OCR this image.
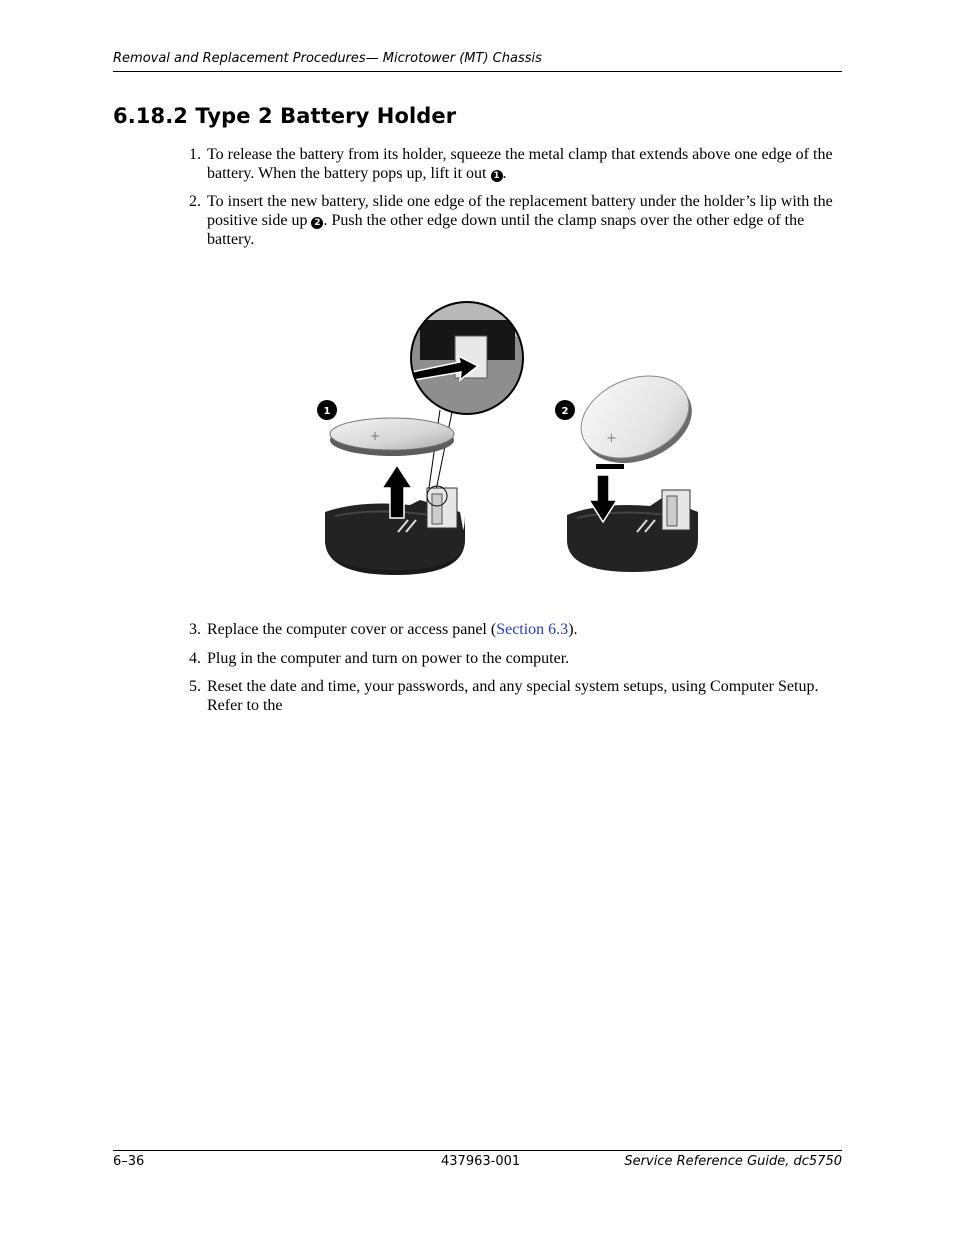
Removal and Replacement Procedures— Microtower (MT) Chassis
6.18.2 Type 2 Battery Holder
1. To release the battery from its holder, squeeze the metal clamp that extends above one edge of the battery. When the battery pops up, lift it out 1 .
2. To insert the new battery, slide one edge of the replacement battery under the holder’s lip with the positive side up 2 . Push the other edge down until the clamp snaps over the other edge of the battery.
1
+
2
+
3. Replace the computer cover or access panel (Section 6.3).
4. Plug in the computer and turn on power to the computer.
5. Reset the date and time, your passwords, and any special system setups, using Computer Setup. Refer to the
6–36	437963-001	Service Reference Guide, dc5750
